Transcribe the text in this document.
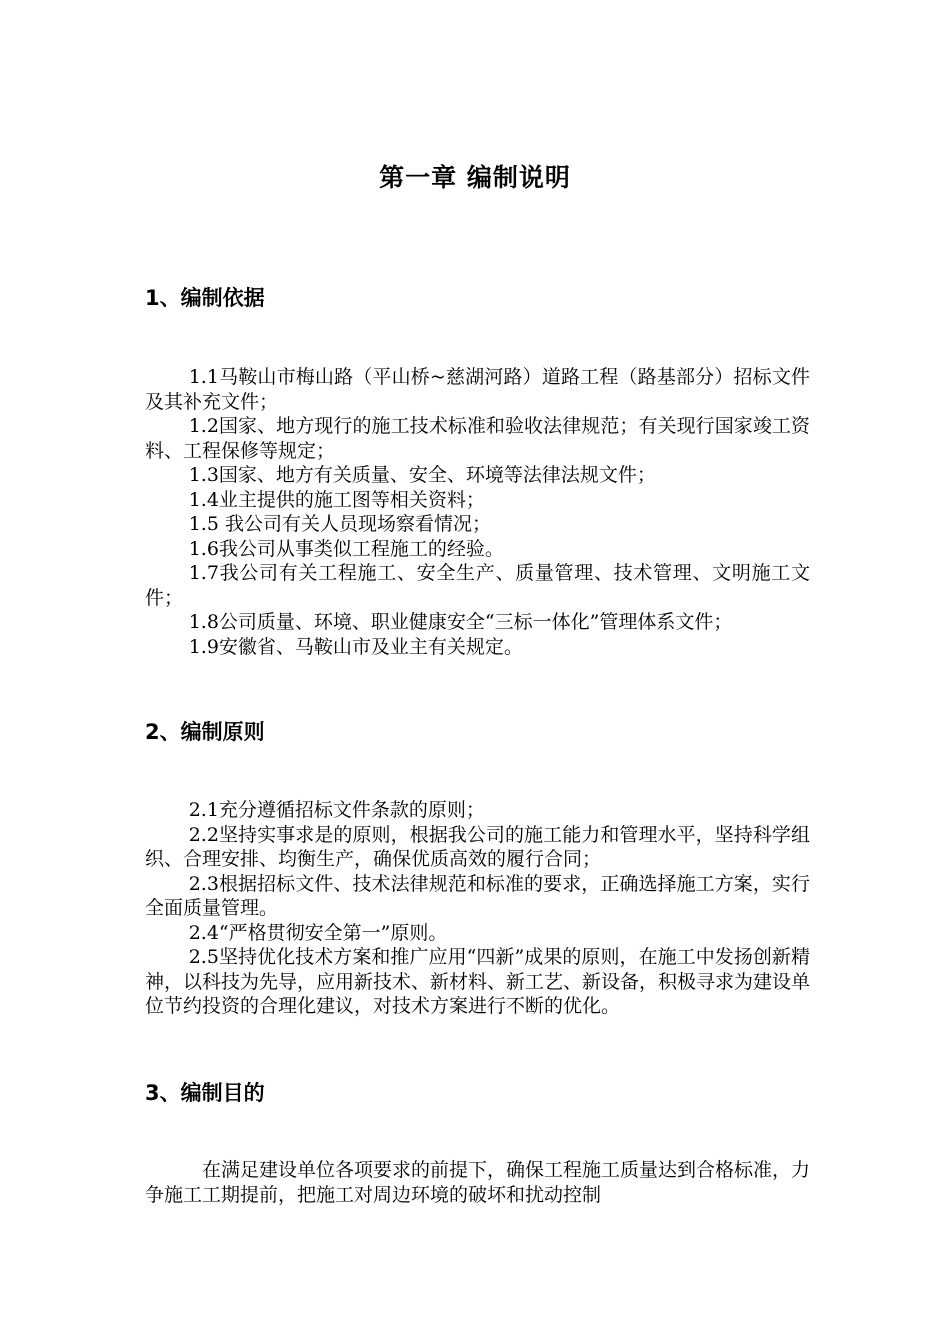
第一章 编制说明
1、编制依据

1.1马鞍山市梅山路（平山桥~慈湖河路）道路工程（路基部分）招标文件及其补充文件；

1.2国家、地方现行的施工技术标准和验收法律规范；有关现行国家竣工资料、工程保修等规定；

1.3国家、地方有关质量、安全、环境等法律法规文件；

1.4业主提供的施工图等相关资料；

1.5 我公司有关人员现场察看情况；

1.6我公司从事类似工程施工的经验。

1.7我公司有关工程施工、安全生产、质量管理、技术管理、文明施工文件；

1.8公司质量、环境、职业健康安全“三标一体化”管理体系文件；

1.9安徽省、马鞍山市及业主有关规定。

2、编制原则

2.1充分遵循招标文件条款的原则；

2.2坚持实事求是的原则，根据我公司的施工能力和管理水平，坚持科学组织、合理安排、均衡生产，确保优质高效的履行合同；

2.3根据招标文件、技术法律规范和标准的要求，正确选择施工方案，实行全面质量管理。

2.4“严格贯彻安全第一”原则。

2.5坚持优化技术方案和推广应用“四新”成果的原则，在施工中发扬创新精神，以科技为先导，应用新技术、新材料、新工艺、新设备，积极寻求为建设单位节约投资的合理化建议，对技术方案进行不断的优化。

3、编制目的

在满足建设单位各项要求的前提下，确保工程施工质量达到合格标准，力争施工工期提前，把施工对周边环境的破坏和扰动控制
